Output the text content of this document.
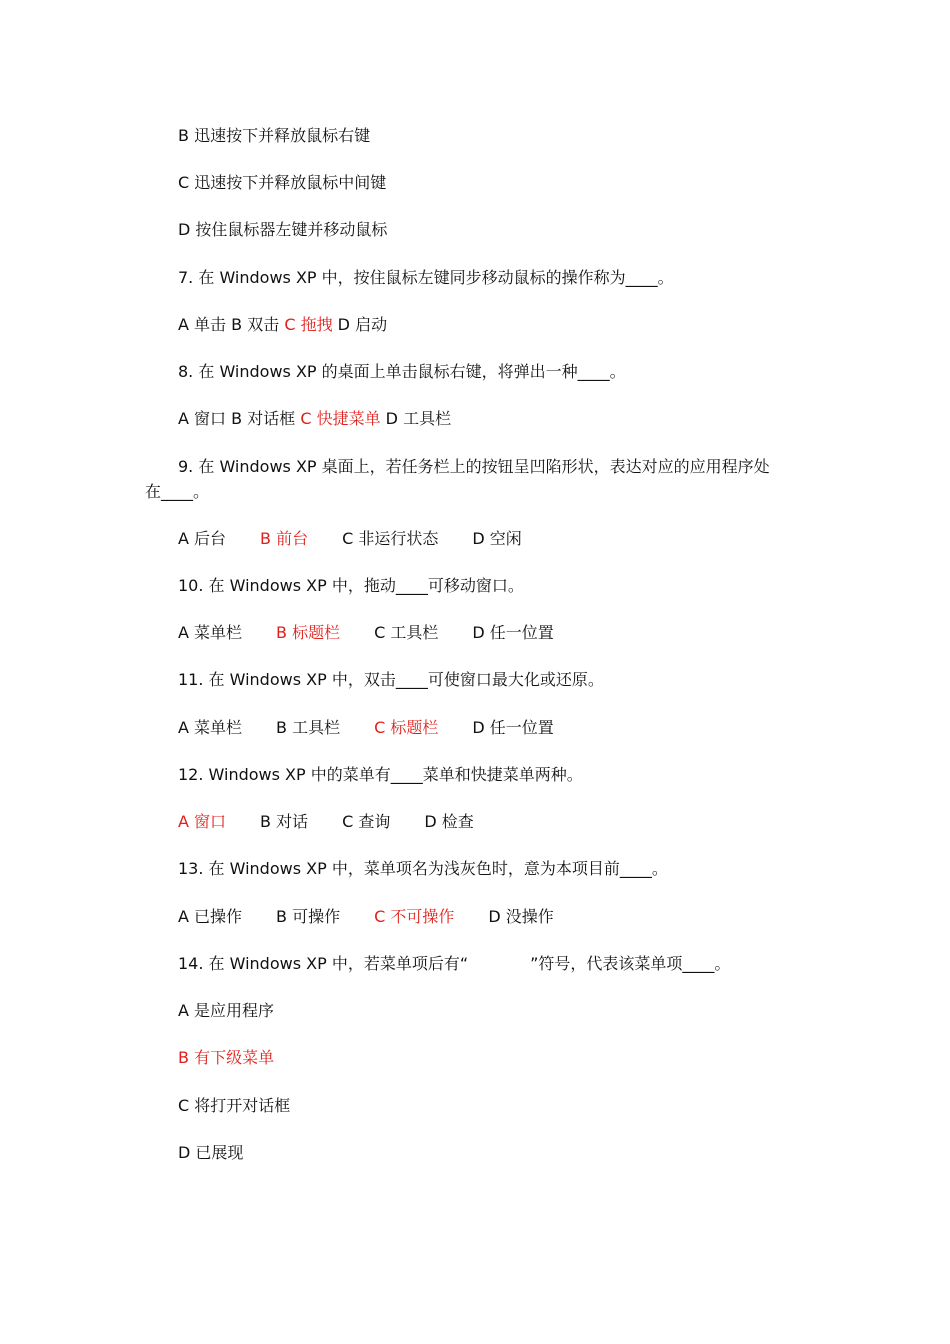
B 迅速按下并释放鼠标右键

C 迅速按下并释放鼠标中间键

D 按住鼠标器左键并移动鼠标

7. 在 Windows XP 中，按住鼠标左键同步移动鼠标的操作称为____。

A 单击 B 双击 C 拖拽 D 启动

8. 在 Windows XP 的桌面上单击鼠标右键，将弹出一种____。

A 窗口 B 对话框 C 快捷菜单 D 工具栏

9. 在 Windows XP 桌面上，若任务栏上的按钮呈凹陷形状，表达对应的应用程序处

在____。

A 后台 B 前台 C 非运行状态 D 空闲

10. 在 Windows XP 中，拖动____可移动窗口。

A 菜单栏 B 标题栏 C 工具栏 D 任一位置

11. 在 Windows XP 中，双击____可使窗口最大化或还原。

A 菜单栏 B 工具栏 C 标题栏 D 任一位置

12. Windows XP 中的菜单有____菜单和快捷菜单两种。

A 窗口 B 对话 C 查询 D 检查

13. 在 Windows XP 中，菜单项名为浅灰色时，意为本项目前____。

A 已操作 B 可操作 C 不可操作 D 没操作

14. 在 Windows XP 中，若菜单项后有“	”符号，代表该菜单项____。

A 是应用程序

B 有下级菜单

C 将打开对话框

D 已展现
